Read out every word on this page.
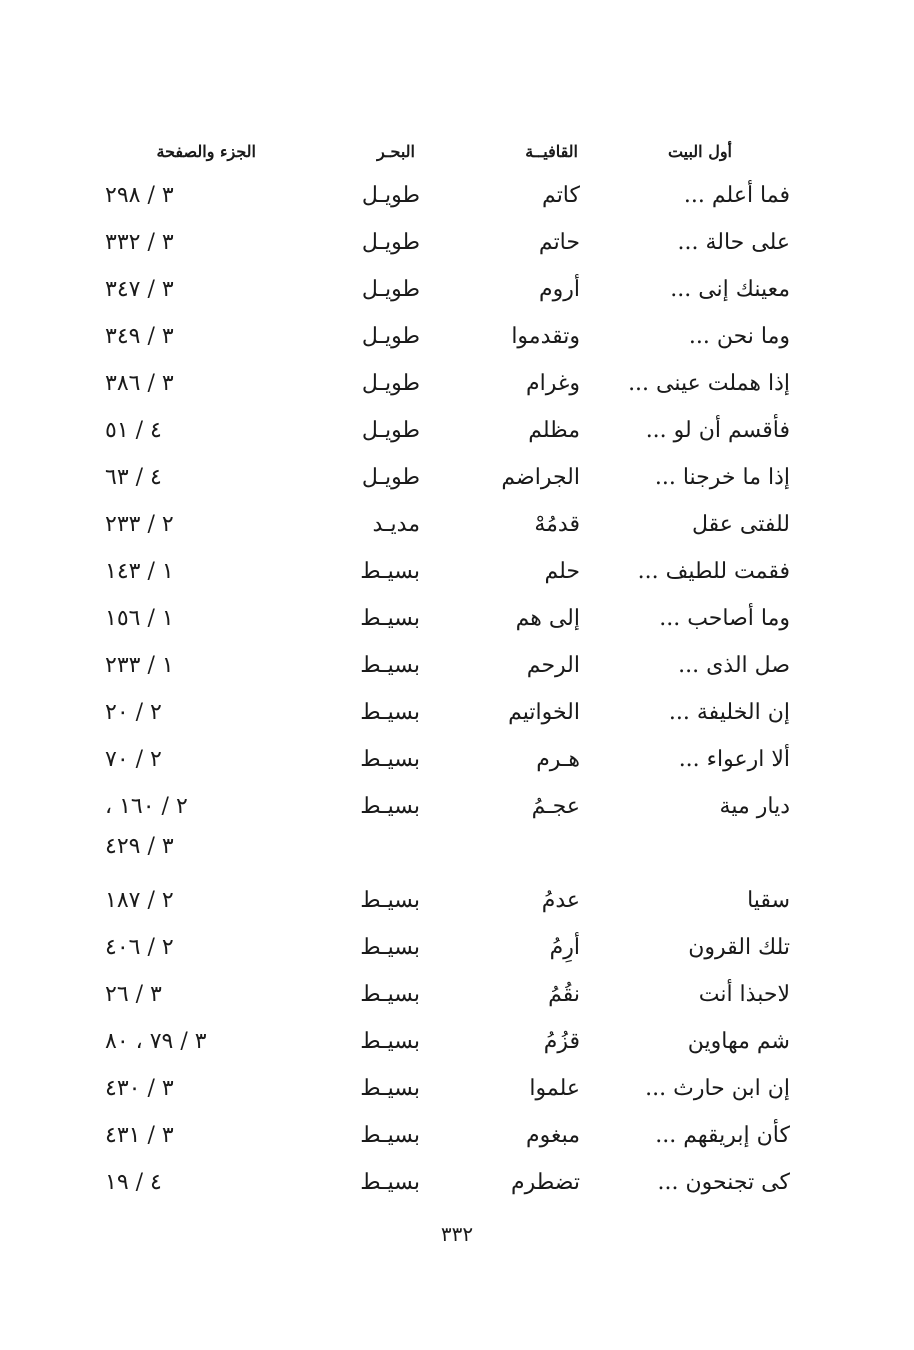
أول البيت
القافيــة
البحـر
الجزء والصفحة
فما أعلم ...
كاتم
طويـل
٣ / ٢٩٨
على حالة ...
حاتم
طويـل
٣ / ٣٣٢
معينك إنى ...
أروم
طويـل
٣ / ٣٤٧
وما نحن ...
وتقدموا
طويـل
٣ / ٣٤٩
إذا هملت عينى ...
وغرام
طويـل
٣ / ٣٨٦
فأقسم أن لو ...
مظلم
طويـل
٤ / ٥١
إذا ما خرجنا ...
الجراضم
طويـل
٤ / ٦٣
للفتى عقل
قدمُهْ
مديـد
٢ / ٢٣٣
فقمت للطيف ...
حلم
بسيـط
١ / ١٤٣
وما أصاحب ...
إلى هم
بسيـط
١ / ١٥٦
صل الذى ...
الرحم
بسيـط
١ / ٢٣٣
إن الخليفة ...
الخواتيم
بسيـط
٢ / ٢٠
ألا ارعواء ...
هـرم
بسيـط
٢ / ٧٠
ديار مية
عجـمُ
بسيـط
٢ / ١٦٠ ،
٣ / ٤٢٩
سقيا
عدمُ
بسيـط
٢ / ١٨٧
تلك القرون
أرِمُ
بسيـط
٢ / ٤٠٦
لاحبذا أنت
نقُمُ
بسيـط
٣ / ٢٦
شم مهاوين
قزُمُ
بسيـط
٣ / ٧٩ ، ٨٠
إن ابن حارث ...
علموا
بسيـط
٣ / ٤٣٠
كأن إبريقهم ...
مبغوم
بسيـط
٣ / ٤٣١
كى تجنحون ...
تضطرم
بسيـط
٤ / ١٩
٣٣٢
